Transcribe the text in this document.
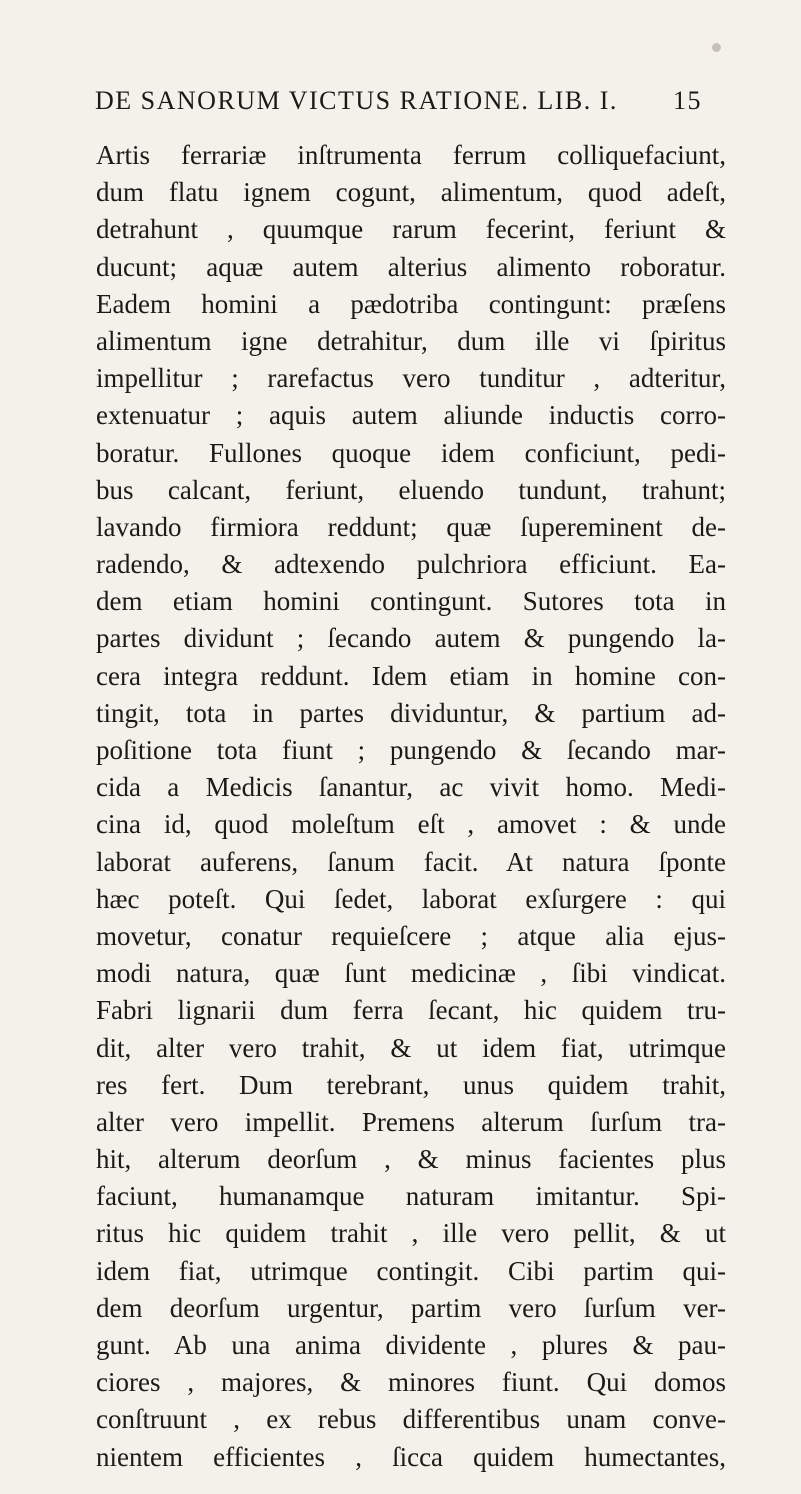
DE SANORUM VICTUS RATIONE. LIB. I. 15
Artis ferrariæ inſtrumenta ferrum colliquefaciunt,
dum flatu ignem cogunt, alimentum, quod adeſt,
detrahunt , quumque rarum fecerint, feriunt &
ducunt; aquæ autem alterius alimento roboratur.
Eadem homini a pædotriba contingunt: præſens
alimentum igne detrahitur, dum ille vi ſpiritus
impellitur ; rarefactus vero tunditur , adteritur,
extenuatur ; aquis autem aliunde inductis corro-
boratur. Fullones quoque idem conficiunt, pedi-
bus calcant, feriunt, eluendo tundunt, trahunt;
lavando firmiora reddunt; quæ ſupereminent de-
radendo, & adtexendo pulchriora efficiunt. Ea-
dem etiam homini contingunt. Sutores tota in
partes dividunt ; ſecando autem & pungendo la-
cera integra reddunt. Idem etiam in homine con-
tingit, tota in partes dividuntur, & partium ad-
poſitione tota fiunt ; pungendo & ſecando mar-
cida a Medicis ſanantur, ac vivit homo. Medi-
cina id, quod moleſtum eſt , amovet : & unde
laborat auferens, ſanum facit. At natura ſponte
hæc poteſt. Qui ſedet, laborat exſurgere : qui
movetur, conatur requieſcere ; atque alia ejus-
modi natura, quæ ſunt medicinæ , ſibi vindicat.
Fabri lignarii dum ferra ſecant, hic quidem tru-
dit, alter vero trahit, & ut idem fiat, utrimque
res fert. Dum terebrant, unus quidem trahit,
alter vero impellit. Premens alterum ſurſum tra-
hit, alterum deorſum , & minus facientes plus
faciunt, humanamque naturam imitantur. Spi-
ritus hic quidem trahit , ille vero pellit, & ut
idem fiat, utrimque contingit. Cibi partim qui-
dem deorſum urgentur, partim vero ſurſum ver-
gunt. Ab una anima dividente , plures & pau-
ciores , majores, & minores fiunt. Qui domos
conſtruunt , ex rebus differentibus unam conve-
nientem efficientes , ſicca quidem humectantes,
